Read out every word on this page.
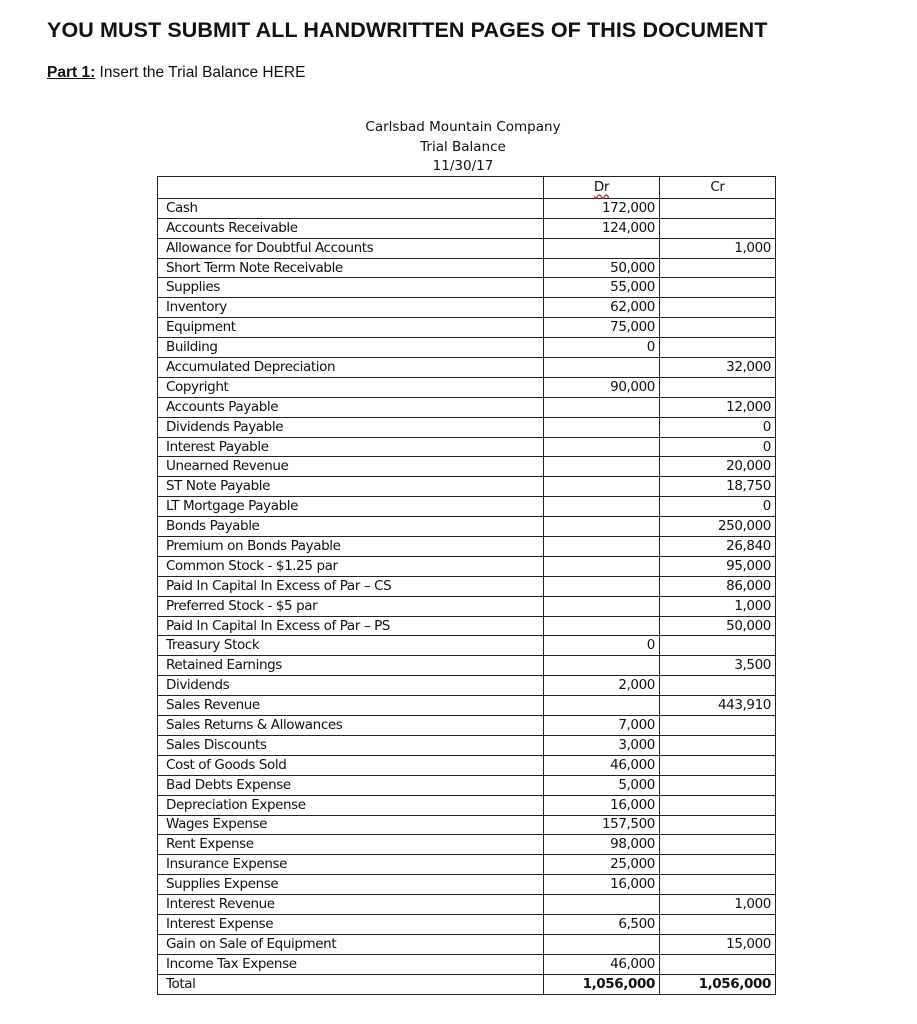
YOU MUST SUBMIT ALL HANDWRITTEN PAGES OF THIS DOCUMENT
Part 1: Insert the Trial Balance HERE
Carlsbad Mountain Company
Trial Balance
11/30/17
	Dr	Cr
Cash	172,000	
Accounts Receivable	124,000	
Allowance for Doubtful Accounts		1,000
Short Term Note Receivable	50,000	
Supplies	55,000	
Inventory	62,000	
Equipment	75,000	
Building	0	
Accumulated Depreciation		32,000
Copyright	90,000	
Accounts Payable		12,000
Dividends Payable		0
Interest Payable		0
Unearned Revenue		20,000
ST Note Payable		18,750
LT Mortgage Payable		0
Bonds Payable		250,000
Premium on Bonds Payable		26,840
Common Stock - $1.25 par		95,000
Paid In Capital In Excess of Par – CS		86,000
Preferred Stock - $5 par		1,000
Paid In Capital In Excess of Par – PS		50,000
Treasury Stock	0	
Retained Earnings		3,500
Dividends	2,000	
Sales Revenue		443,910
Sales Returns & Allowances	7,000	
Sales Discounts	3,000	
Cost of Goods Sold	46,000	
Bad Debts Expense	5,000	
Depreciation Expense	16,000	
Wages Expense	157,500	
Rent Expense	98,000	
Insurance Expense	25,000	
Supplies Expense	16,000	
Interest Revenue		1,000
Interest Expense	6,500	
Gain on Sale of Equipment		15,000
Income Tax Expense	46,000	
Total	1,056,000	1,056,000
